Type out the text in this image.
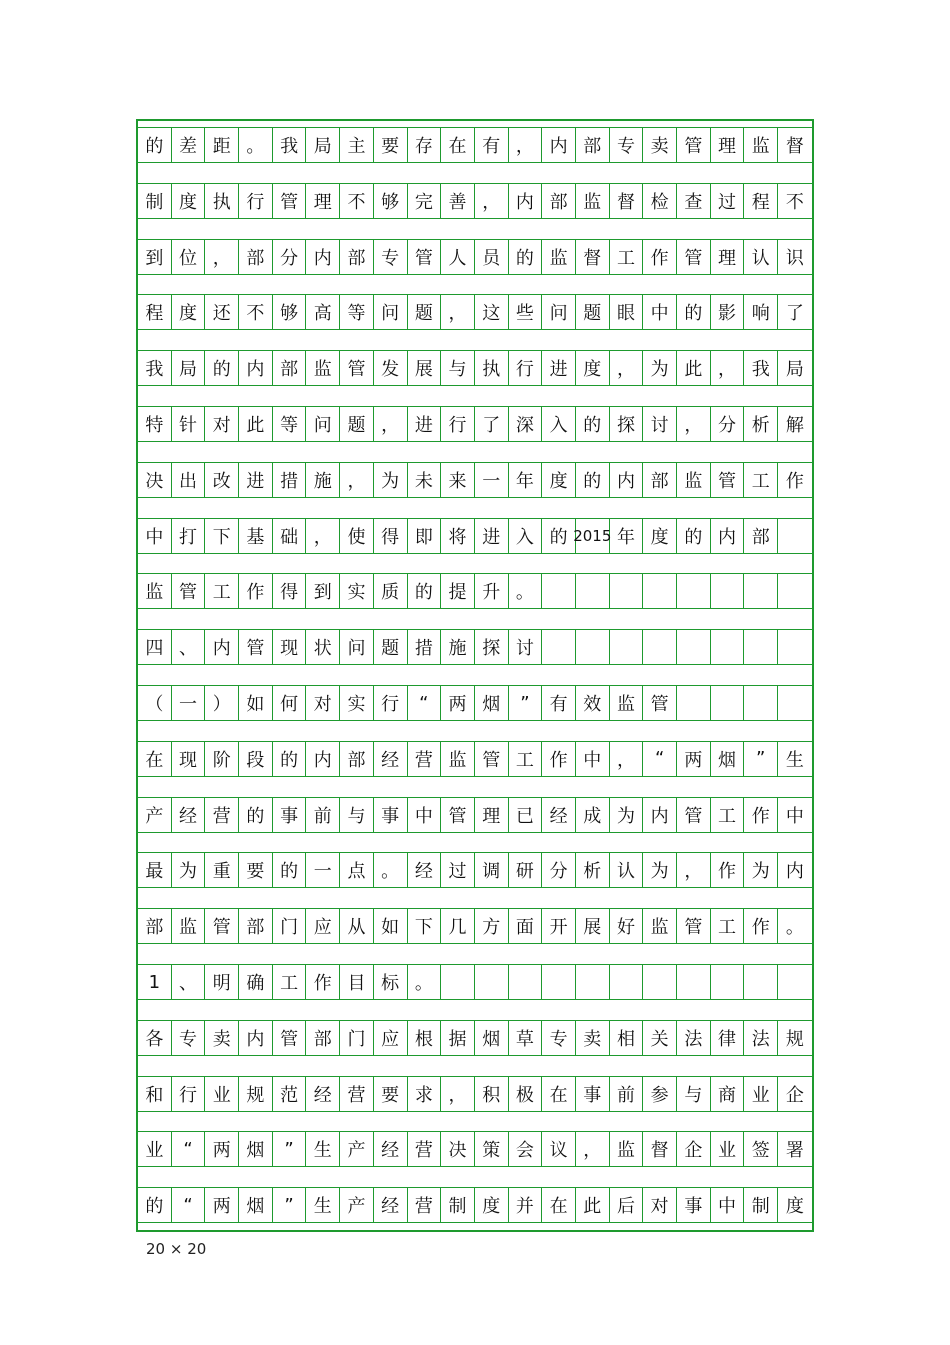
的 差 距 。 我 局 主 要 存 在 有 ， 内 部 专 卖 管 理 监 督
制 度 执 行 管 理 不 够 完 善 ， 内 部 监 督 检 查 过 程 不
到 位 ， 部 分 内 部 专 管 人 员 的 监 督 工 作 管 理 认 识
程 度 还 不 够 高 等 问 题 ， 这 些 问 题 眼 中 的 影 响 了
我 局 的 内 部 监 管 发 展 与 执 行 进 度 ， 为 此 ， 我 局
特 针 对 此 等 问 题 ， 进 行 了 深 入 的 探 讨 ， 分 析 解
决 出 改 进 措 施 ， 为 未 来 一 年 度 的 内 部 监 管 工 作
中 打 下 基 础 ， 使 得 即 将 进 入 的 2015 年 度 的 内 部
监 管 工 作 得 到 实 质 的 提 升 。
四 、 内 管 现 状 问 题 措 施 探 讨
（ 一 ） 如 何 对 实 行	“	两 烟	”	有 效 监 管
在 现 阶 段 的 内 部 经 营 监 管 工 作 中 ，	“	两 烟	”	生
产 经 营 的 事 前 与 事 中 管 理 已 经 成 为 内 管 工 作 中
最 为 重 要 的 一 点 。 经 过 调 研 分 析 认 为 ， 作 为 内
部 监 管 部 门 应 从 如 下 几 方 面 开 展 好 监 管 工 作 。
1	、 明 确 工 作 目 标 。
各 专 卖 内 管 部 门 应 根 据 烟 草 专 卖 相 关 法 律 法 规
和 行 业 规 范 经 营 要 求 ， 积 极 在 事 前 参 与 商 业 企
业	“	两 烟	”	生 产 经 营 决 策 会 议 ， 监 督 企 业 签 署
的	“	两 烟	”	生 产 经 营 制 度 并 在 此 后 对 事 中 制 度
20 × 20
